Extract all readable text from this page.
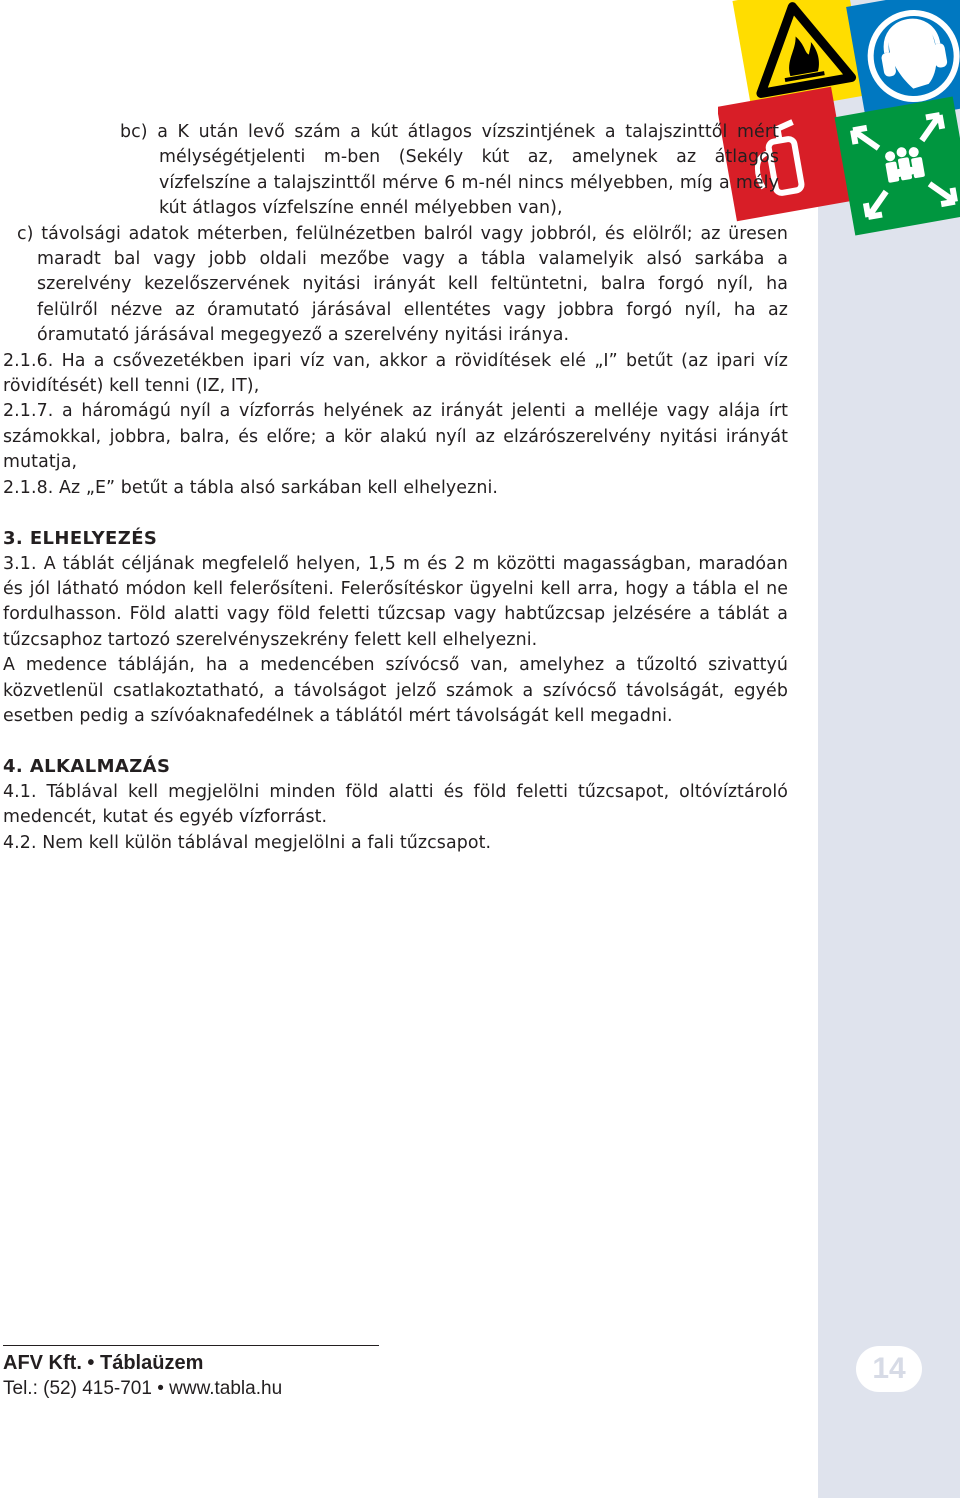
bc) a K után levő szám a kút átlagos vízszintjének a talajszinttől mért mélységétjelenti m-ben (Sekély kút az, amelynek az átlagos vízfelszíne a talajszinttől mérve 6 m-nél nincs mélyebben, míg a mély kút átlagos vízfelszíne ennél mélyebben van),

c) távolsági adatok méterben, felülnézetben balról vagy jobbról, és elölről; az üresen maradt bal vagy jobb oldali mezőbe vagy a tábla valamelyik alsó sarkába a szerelvény kezelőszervének nyitási irányát kell feltüntetni, balra forgó nyíl, ha felülről nézve az óramutató járásával ellentétes vagy jobbra forgó nyíl, ha az óramutató járásával megegyező a szerelvény nyitási iránya.

2.1.6. Ha a csővezetékben ipari víz van, akkor a rövidítések elé „I” betűt (az ipari víz rövidítését) kell tenni (IZ, IT),

2.1.7. a háromágú nyíl a vízforrás helyének az irányát jelenti a melléje vagy alája írt számokkal, jobbra, balra, és előre; a kör alakú nyíl az elzárószerelvény nyitási irányát mutatja,

2.1.8. Az „E” betűt a tábla alsó sarkában kell elhelyezni.

3. ELHELYEZÉS

3.1. A táblát céljának megfelelő helyen, 1,5 m és 2 m közötti magasságban, maradóan és jól látható módon kell felerősíteni. Felerősítéskor ügyelni kell arra, hogy a tábla el ne fordulhasson. Föld alatti vagy föld feletti tűzcsap vagy habtűzcsap jelzésére a táblát a tűzcsaphoz tartozó szerelvényszekrény felett kell elhelyezni.

A medence tábláján, ha a medencében szívócső van, amelyhez a tűzoltó szivattyú közvetlenül csatlakoztatható, a távolságot jelző számok a szívócső távolságát, egyéb esetben pedig a szívóaknafedélnek a táblától mért távolságát kell megadni.

4. ALKALMAZÁS

4.1. Táblával kell megjelölni minden föld alatti és föld feletti tűzcsapot, oltóvíztároló medencét, kutat és egyéb vízforrást.

4.2. Nem kell külön táblával megjelölni a fali tűzcsapot.

AFV Kft. • Táblaüzem
Tel.: (52) 415-701 • www.tabla.hu
14
